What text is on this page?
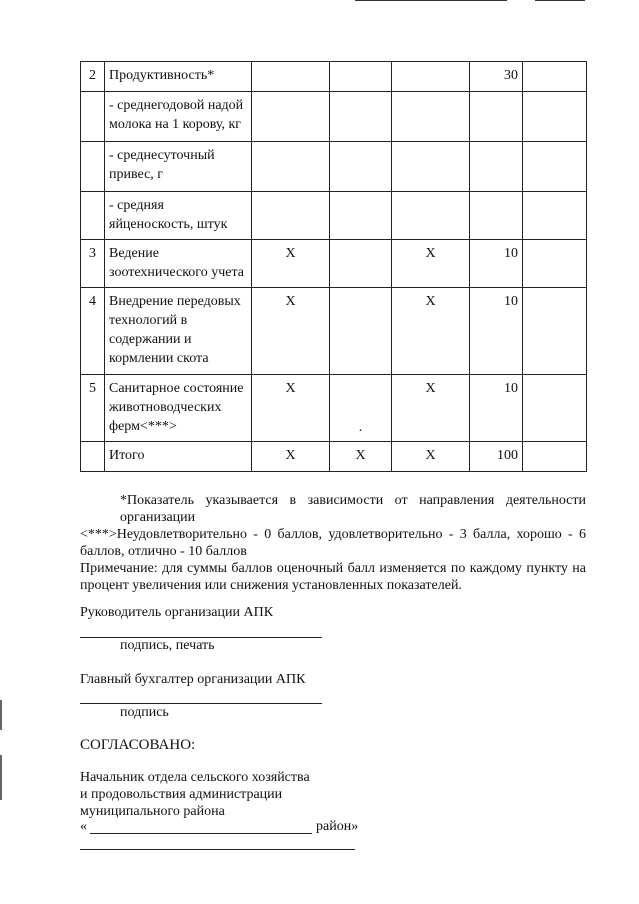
2	Продуктивность*				30	
	- среднегодовой надой молока на 1 корову, кг					
	- среднесуточный привес, г					
	- средняя яйценоскость, штук					
3	Ведение зоотехнического учета	X		X	10	
4	Внедрение передовых технологий в содержании и кормлении скота	X		X	10	
5	Санитарное состояние животноводческих ферм<***>	X	.	X	10	
	Итого	X	X	X	100	
*Показатель указывается в зависимости от направления деятельности
организации
<***>Неудовлетворительно - 0 баллов, удовлетворительно - 3 балла, хорошо - 6 баллов, отлично - 10 баллов
Примечание: для суммы баллов оценочный балл изменяется по каждому пункту на процент увеличения или снижения установленных показателей.
Руководитель организации АПК
подпись, печать
Главный бухгалтер организации АПК
подпись
СОГЛАСОВАНО:
Начальник отдела сельского хозяйства
и продовольствия администрации
муниципального района
«	район»
